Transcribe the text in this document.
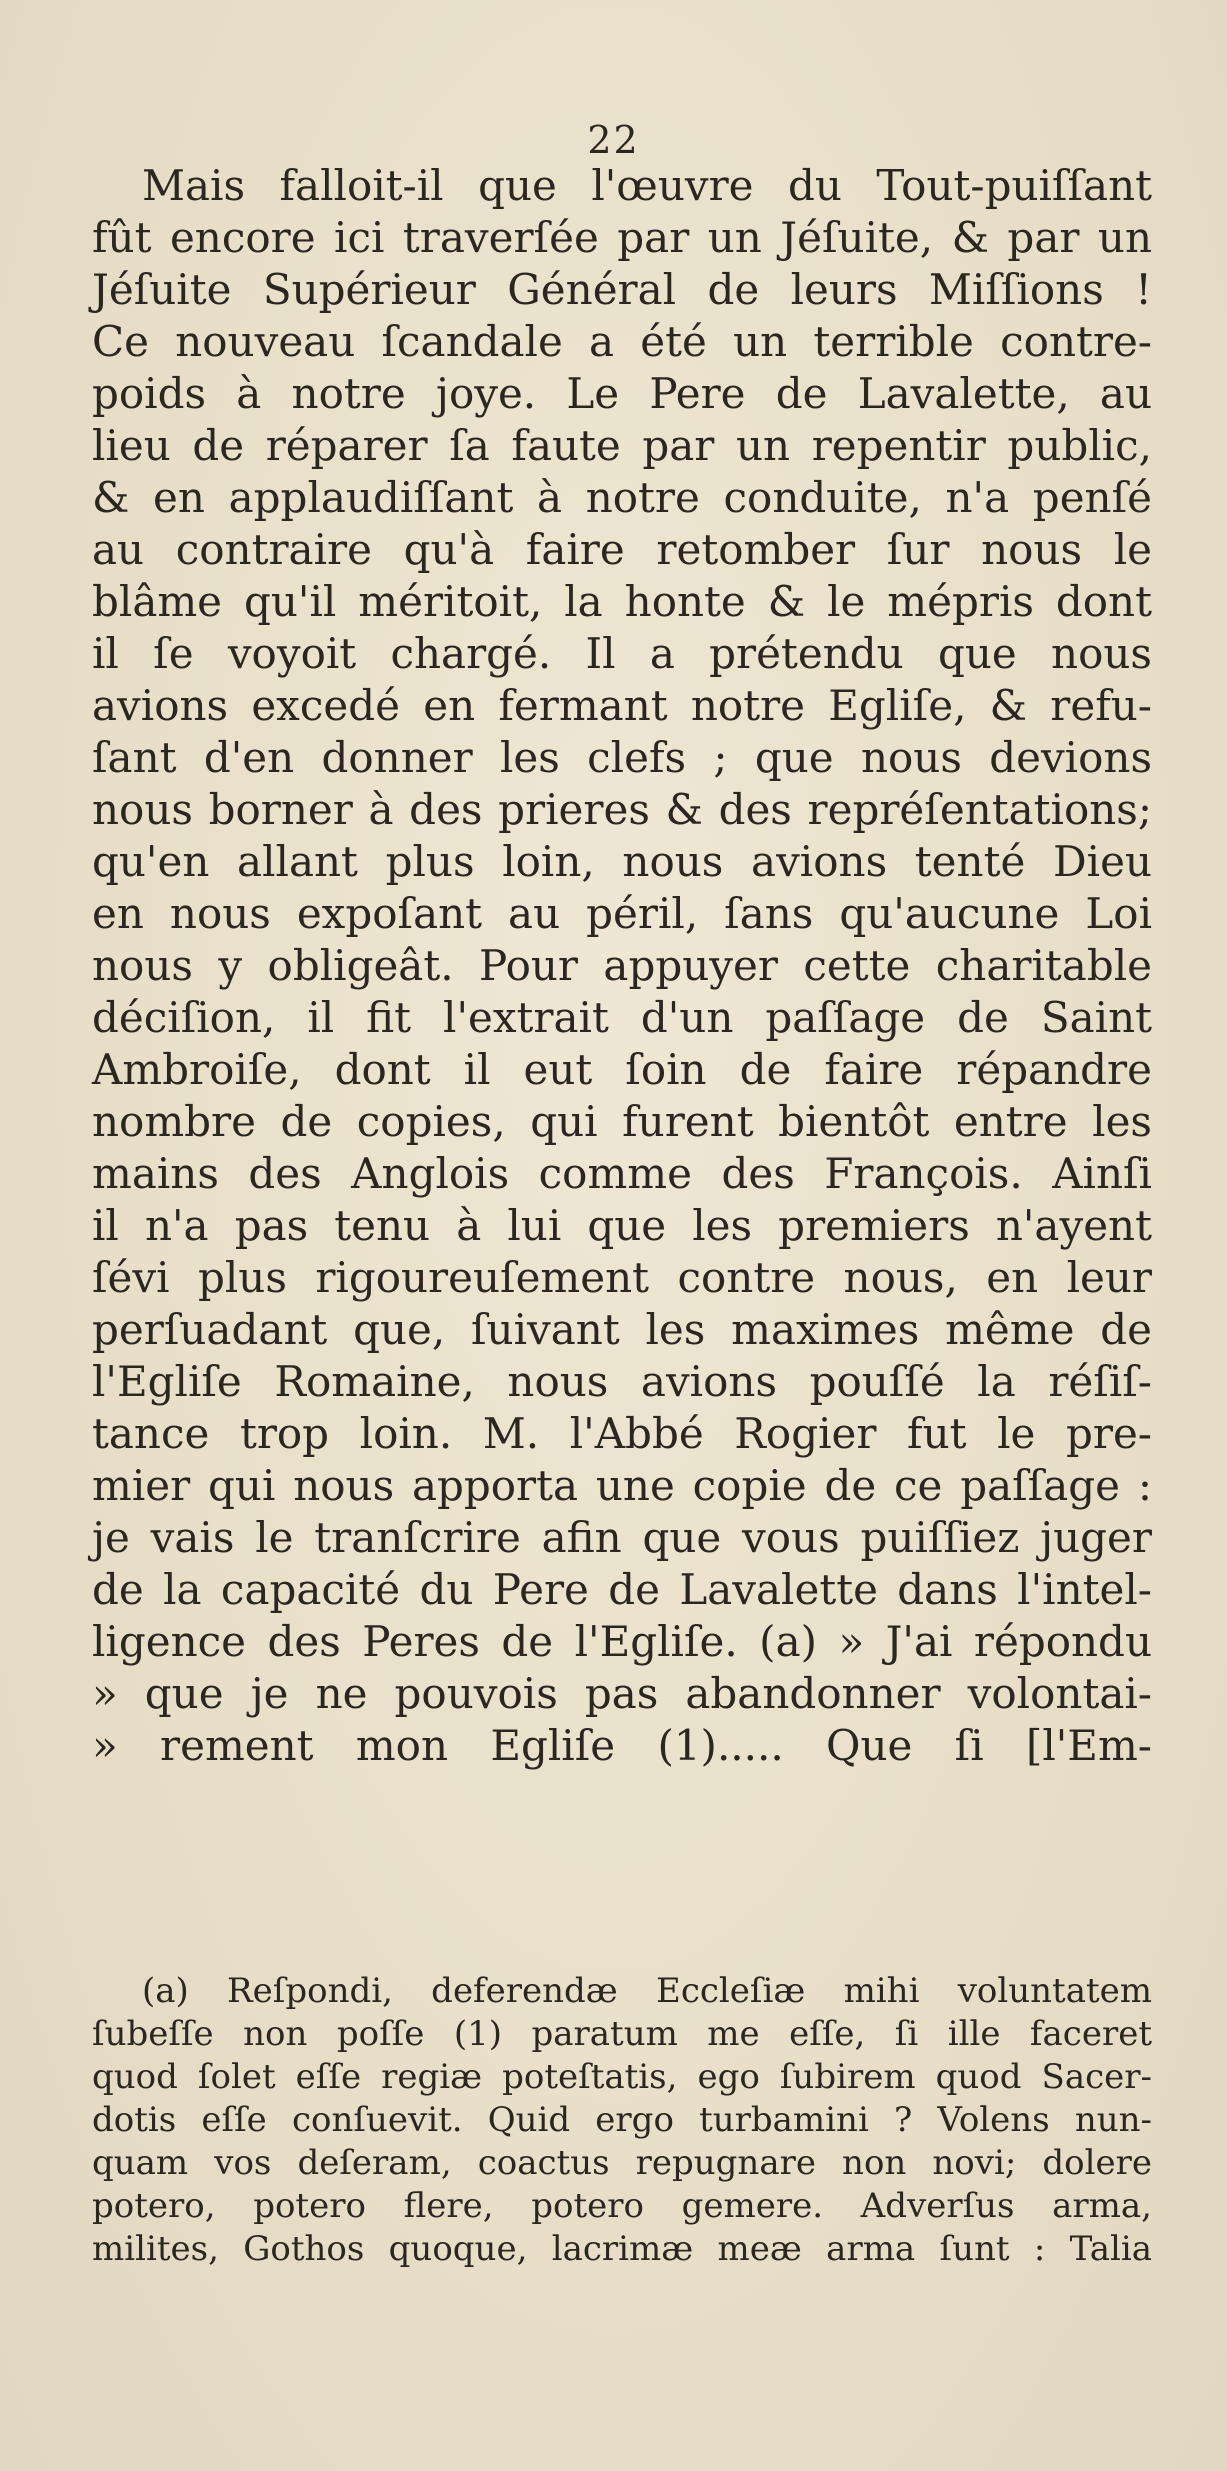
22
Mais falloit-il que l'œuvre du Tout-puiſſant
fût encore ici traverſée par un Jéſuite, & par un
Jéſuite Supérieur Général de leurs Miſſions !
Ce nouveau ſcandale a été un terrible contre-
poids à notre joye. Le Pere de Lavalette, au
lieu de réparer ſa faute par un repentir public,
& en applaudiſſant à notre conduite, n'a penſé
au contraire qu'à faire retomber ſur nous le
blâme qu'il méritoit, la honte & le mépris dont
il ſe voyoit chargé. Il a prétendu que nous
avions excedé en fermant notre Egliſe, & refu-
ſant d'en donner les clefs ; que nous devions
nous borner à des prieres & des repréſentations;
qu'en allant plus loin, nous avions tenté Dieu
en nous expoſant au péril, ſans qu'aucune Loi
nous y obligeât. Pour appuyer cette charitable
déciſion, il fit l'extrait d'un paſſage de Saint
Ambroiſe, dont il eut ſoin de faire répandre
nombre de copies, qui furent bientôt entre les
mains des Anglois comme des François. Ainſi
il n'a pas tenu à lui que les premiers n'ayent
ſévi plus rigoureuſement contre nous, en leur
perſuadant que, ſuivant les maximes même de
l'Egliſe Romaine, nous avions pouſſé la réſiſ-
tance trop loin. M. l'Abbé Rogier fut le pre-
mier qui nous apporta une copie de ce paſſage :
je vais le tranſcrire afin que vous puiſſiez juger
de la capacité du Pere de Lavalette dans l'intel-
ligence des Peres de l'Egliſe. (a) » J'ai répondu
» que je ne pouvois pas abandonner volontai-
» rement mon Egliſe (1)..... Que ſi [l'Em-
(a) Reſpondi, deferendæ Eccleſiæ mihi voluntatem
ſubeſſe non poſſe (1) paratum me eſſe, ſi ille faceret
quod ſolet eſſe regiæ poteſtatis, ego ſubirem quod Sacer-
dotis eſſe conſuevit. Quid ergo turbamini ? Volens nun-
quam vos deſeram, coactus repugnare non novi; dolere
potero, potero flere, potero gemere. Adverſus arma,
milites, Gothos quoque, lacrimæ meæ arma ſunt : Talia
